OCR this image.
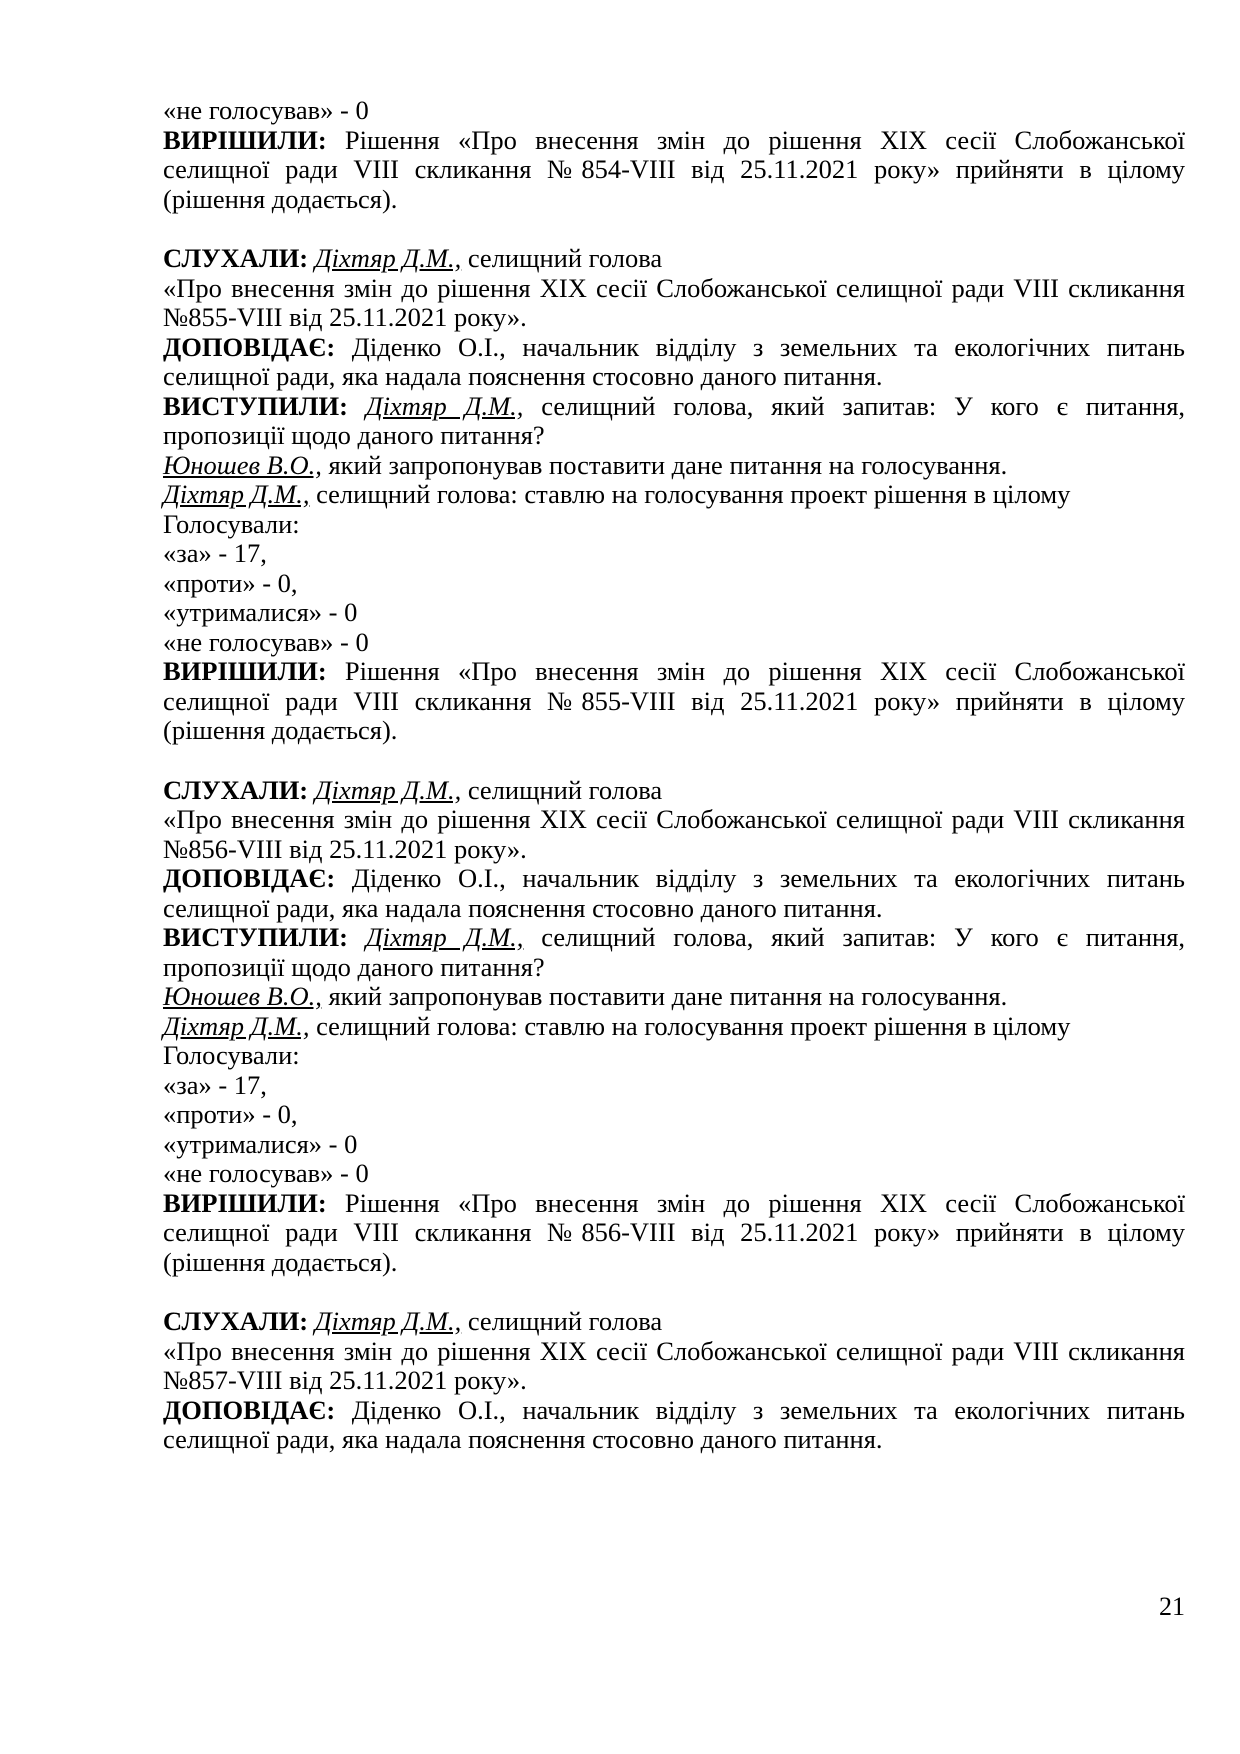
«не голосував» - 0

ВИРІШИЛИ: Рішення «Про внесення змін до рішення XIX сесії Слобожанської селищної ради VIII скликання №854-VIII від 25.11.2021 року» прийняти в цілому (рішення додається).

СЛУХАЛИ: Діхтяр Д.М., селищний голова

«Про внесення змін до рішення XIX сесії Слобожанської селищної ради VIII скликання №855-VIII від 25.11.2021 року».

ДОПОВІДАЄ: Діденко О.І., начальник відділу з земельних та екологічних питань селищної ради, яка надала пояснення стосовно даного питання.

ВИСТУПИЛИ: Діхтяр Д.М., селищний голова, який запитав: У кого є питання, пропозиції щодо даного питання?

Юношев В.О., який запропонував поставити дане питання на голосування.

Діхтяр Д.М., селищний голова: ставлю на голосування проект рішення в цілому

Голосували:

«за» - 17,

«проти» - 0,

«утрималися» - 0

«не голосував» - 0

ВИРІШИЛИ: Рішення «Про внесення змін до рішення XIX сесії Слобожанської селищної ради VIII скликання №855-VIII від 25.11.2021 року» прийняти в цілому (рішення додається).

СЛУХАЛИ: Діхтяр Д.М., селищний голова

«Про внесення змін до рішення XIX сесії Слобожанської селищної ради VIII скликання №856-VIII від 25.11.2021 року».

ДОПОВІДАЄ: Діденко О.І., начальник відділу з земельних та екологічних питань селищної ради, яка надала пояснення стосовно даного питання.

ВИСТУПИЛИ: Діхтяр Д.М., селищний голова, який запитав: У кого є питання, пропозиції щодо даного питання?

Юношев В.О., який запропонував поставити дане питання на голосування.

Діхтяр Д.М., селищний голова: ставлю на голосування проект рішення в цілому

Голосували:

«за» - 17,

«проти» - 0,

«утрималися» - 0

«не голосував» - 0

ВИРІШИЛИ: Рішення «Про внесення змін до рішення XIX сесії Слобожанської селищної ради VIII скликання №856-VIII від 25.11.2021 року» прийняти в цілому (рішення додається).

СЛУХАЛИ: Діхтяр Д.М., селищний голова

«Про внесення змін до рішення XIX сесії Слобожанської селищної ради VIII скликання №857-VIII від 25.11.2021 року».

ДОПОВІДАЄ: Діденко О.І., начальник відділу з земельних та екологічних питань селищної ради, яка надала пояснення стосовно даного питання.

21
